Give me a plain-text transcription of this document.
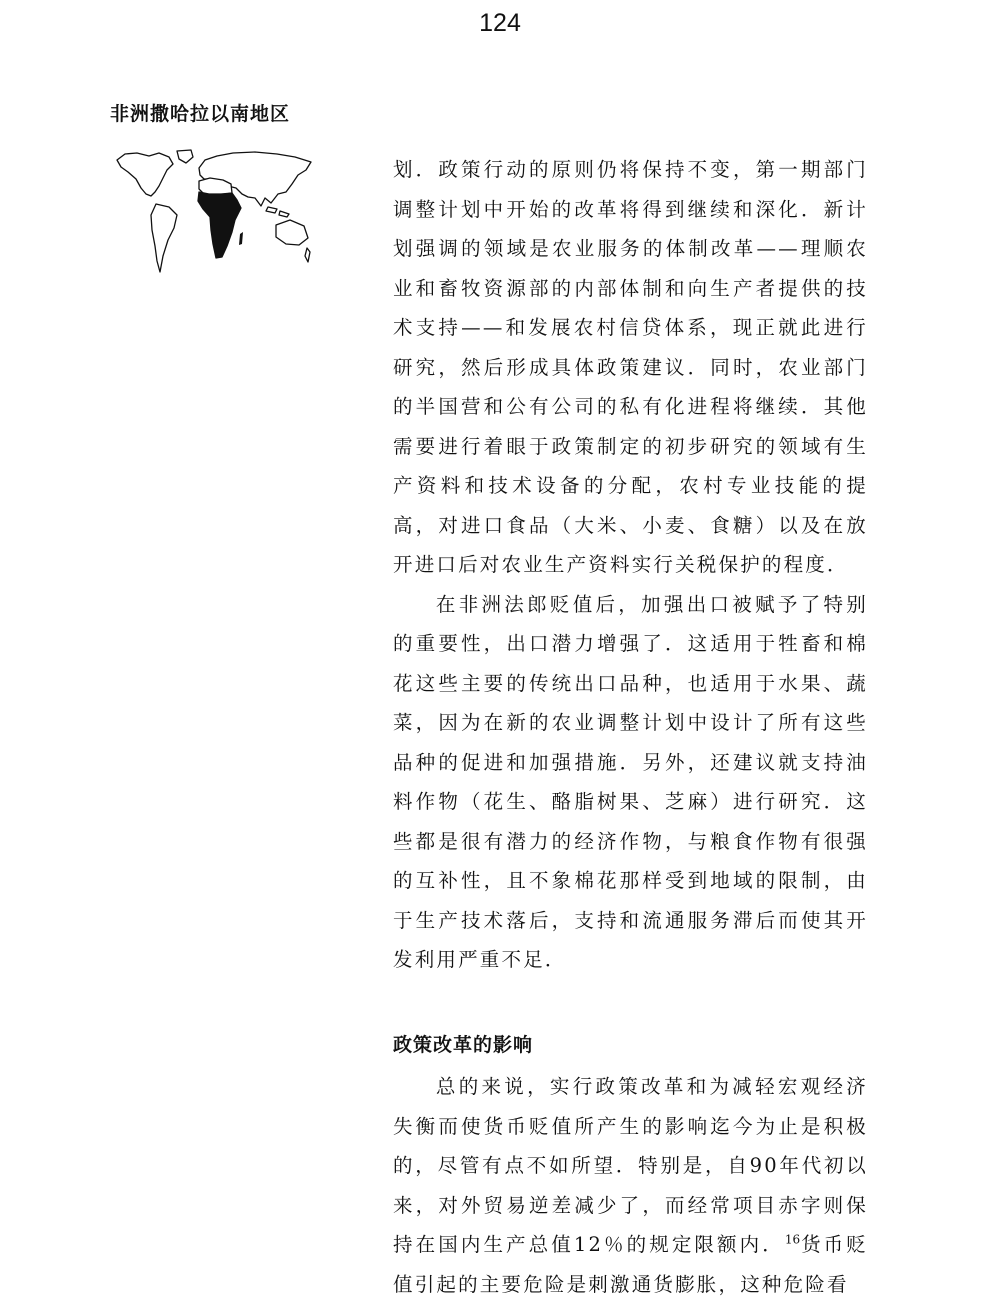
124
非洲撒哈拉以南地区

划．政策行动的原则仍将保持不变，第一期部门调整计划中开始的改革将得到继续和深化．新计划强调的领域是农业服务的体制改革——理顺农业和畜牧资源部的内部体制和向生产者提供的技术支持——和发展农村信贷体系，现正就此进行研究，然后形成具体政策建议．同时，农业部门的半国营和公有公司的私有化进程将继续．其他需要进行着眼于政策制定的初步研究的领域有生产资料和技术设备的分配，农村专业技能的提高，对进口食品（大米、小麦、食糖）以及在放开进口后对农业生产资料实行关税保护的程度．

在非洲法郎贬值后，加强出口被赋予了特别的重要性，出口潜力增强了．这适用于牲畜和棉花这些主要的传统出口品种，也适用于水果、蔬菜，因为在新的农业调整计划中设计了所有这些品种的促进和加强措施．另外，还建议就支持油料作物（花生、酪脂树果、芝麻）进行研究．这些都是很有潜力的经济作物，与粮食作物有很强的互补性，且不象棉花那样受到地域的限制，由于生产技术落后，支持和流通服务滞后而使其开发利用严重不足．

政策改革的影响

总的来说，实行政策改革和为减轻宏观经济失衡而使货币贬值所产生的影响迄今为止是积极的，尽管有点不如所望．特别是，自90年代初以来，对外贸易逆差减少了，而经常项目赤字则保持在国内生产总值12％的规定限额内．$^{16}$货币贬值引起的主要危险是刺激通货膨胀，这种危险看
